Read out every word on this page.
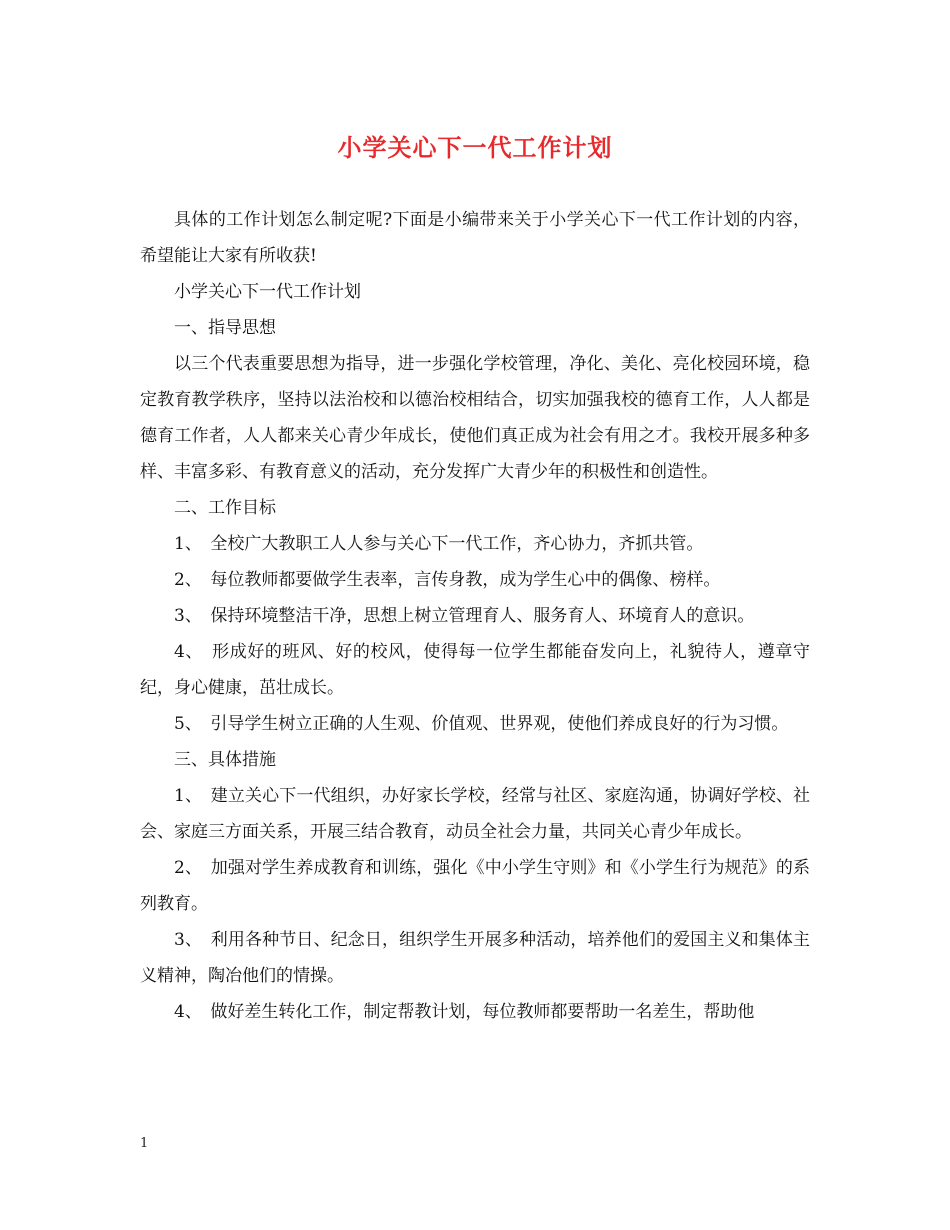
小学关心下一代工作计划

具体的工作计划怎么制定呢?下面是小编带来关于小学关心下一代工作计划的内容，希望能让大家有所收获!

小学关心下一代工作计划

一、指导思想

以三个代表重要思想为指导，进一步强化学校管理，净化、美化、亮化校园环境，稳定教育教学秩序，坚持以法治校和以德治校相结合，切实加强我校的德育工作，人人都是德育工作者，人人都来关心青少年成长，使他们真正成为社会有用之才。我校开展多种多样、丰富多彩、有教育意义的活动，充分发挥广大青少年的积极性和创造性。

二、工作目标

1、　全校广大教职工人人参与关心下一代工作，齐心协力，齐抓共管。

2、　每位教师都要做学生表率，言传身教，成为学生心中的偶像、榜样。

3、　保持环境整洁干净，思想上树立管理育人、服务育人、环境育人的意识。

4、　形成好的班风、好的校风，使得每一位学生都能奋发向上，礼貌待人，遵章守纪，身心健康，茁壮成长。

5、　引导学生树立正确的人生观、价值观、世界观，使他们养成良好的行为习惯。

三、具体措施

1、　建立关心下一代组织，办好家长学校，经常与社区、家庭沟通，协调好学校、社会、家庭三方面关系，开展三结合教育，动员全社会力量，共同关心青少年成长。

2、　加强对学生养成教育和训练，强化《中小学生守则》和《小学生行为规范》的系列教育。

3、　利用各种节日、纪念日，组织学生开展多种活动，培养他们的爱国主义和集体主义精神，陶冶他们的情操。

4、　做好差生转化工作，制定帮教计划，每位教师都要帮助一名差生，帮助他

1
